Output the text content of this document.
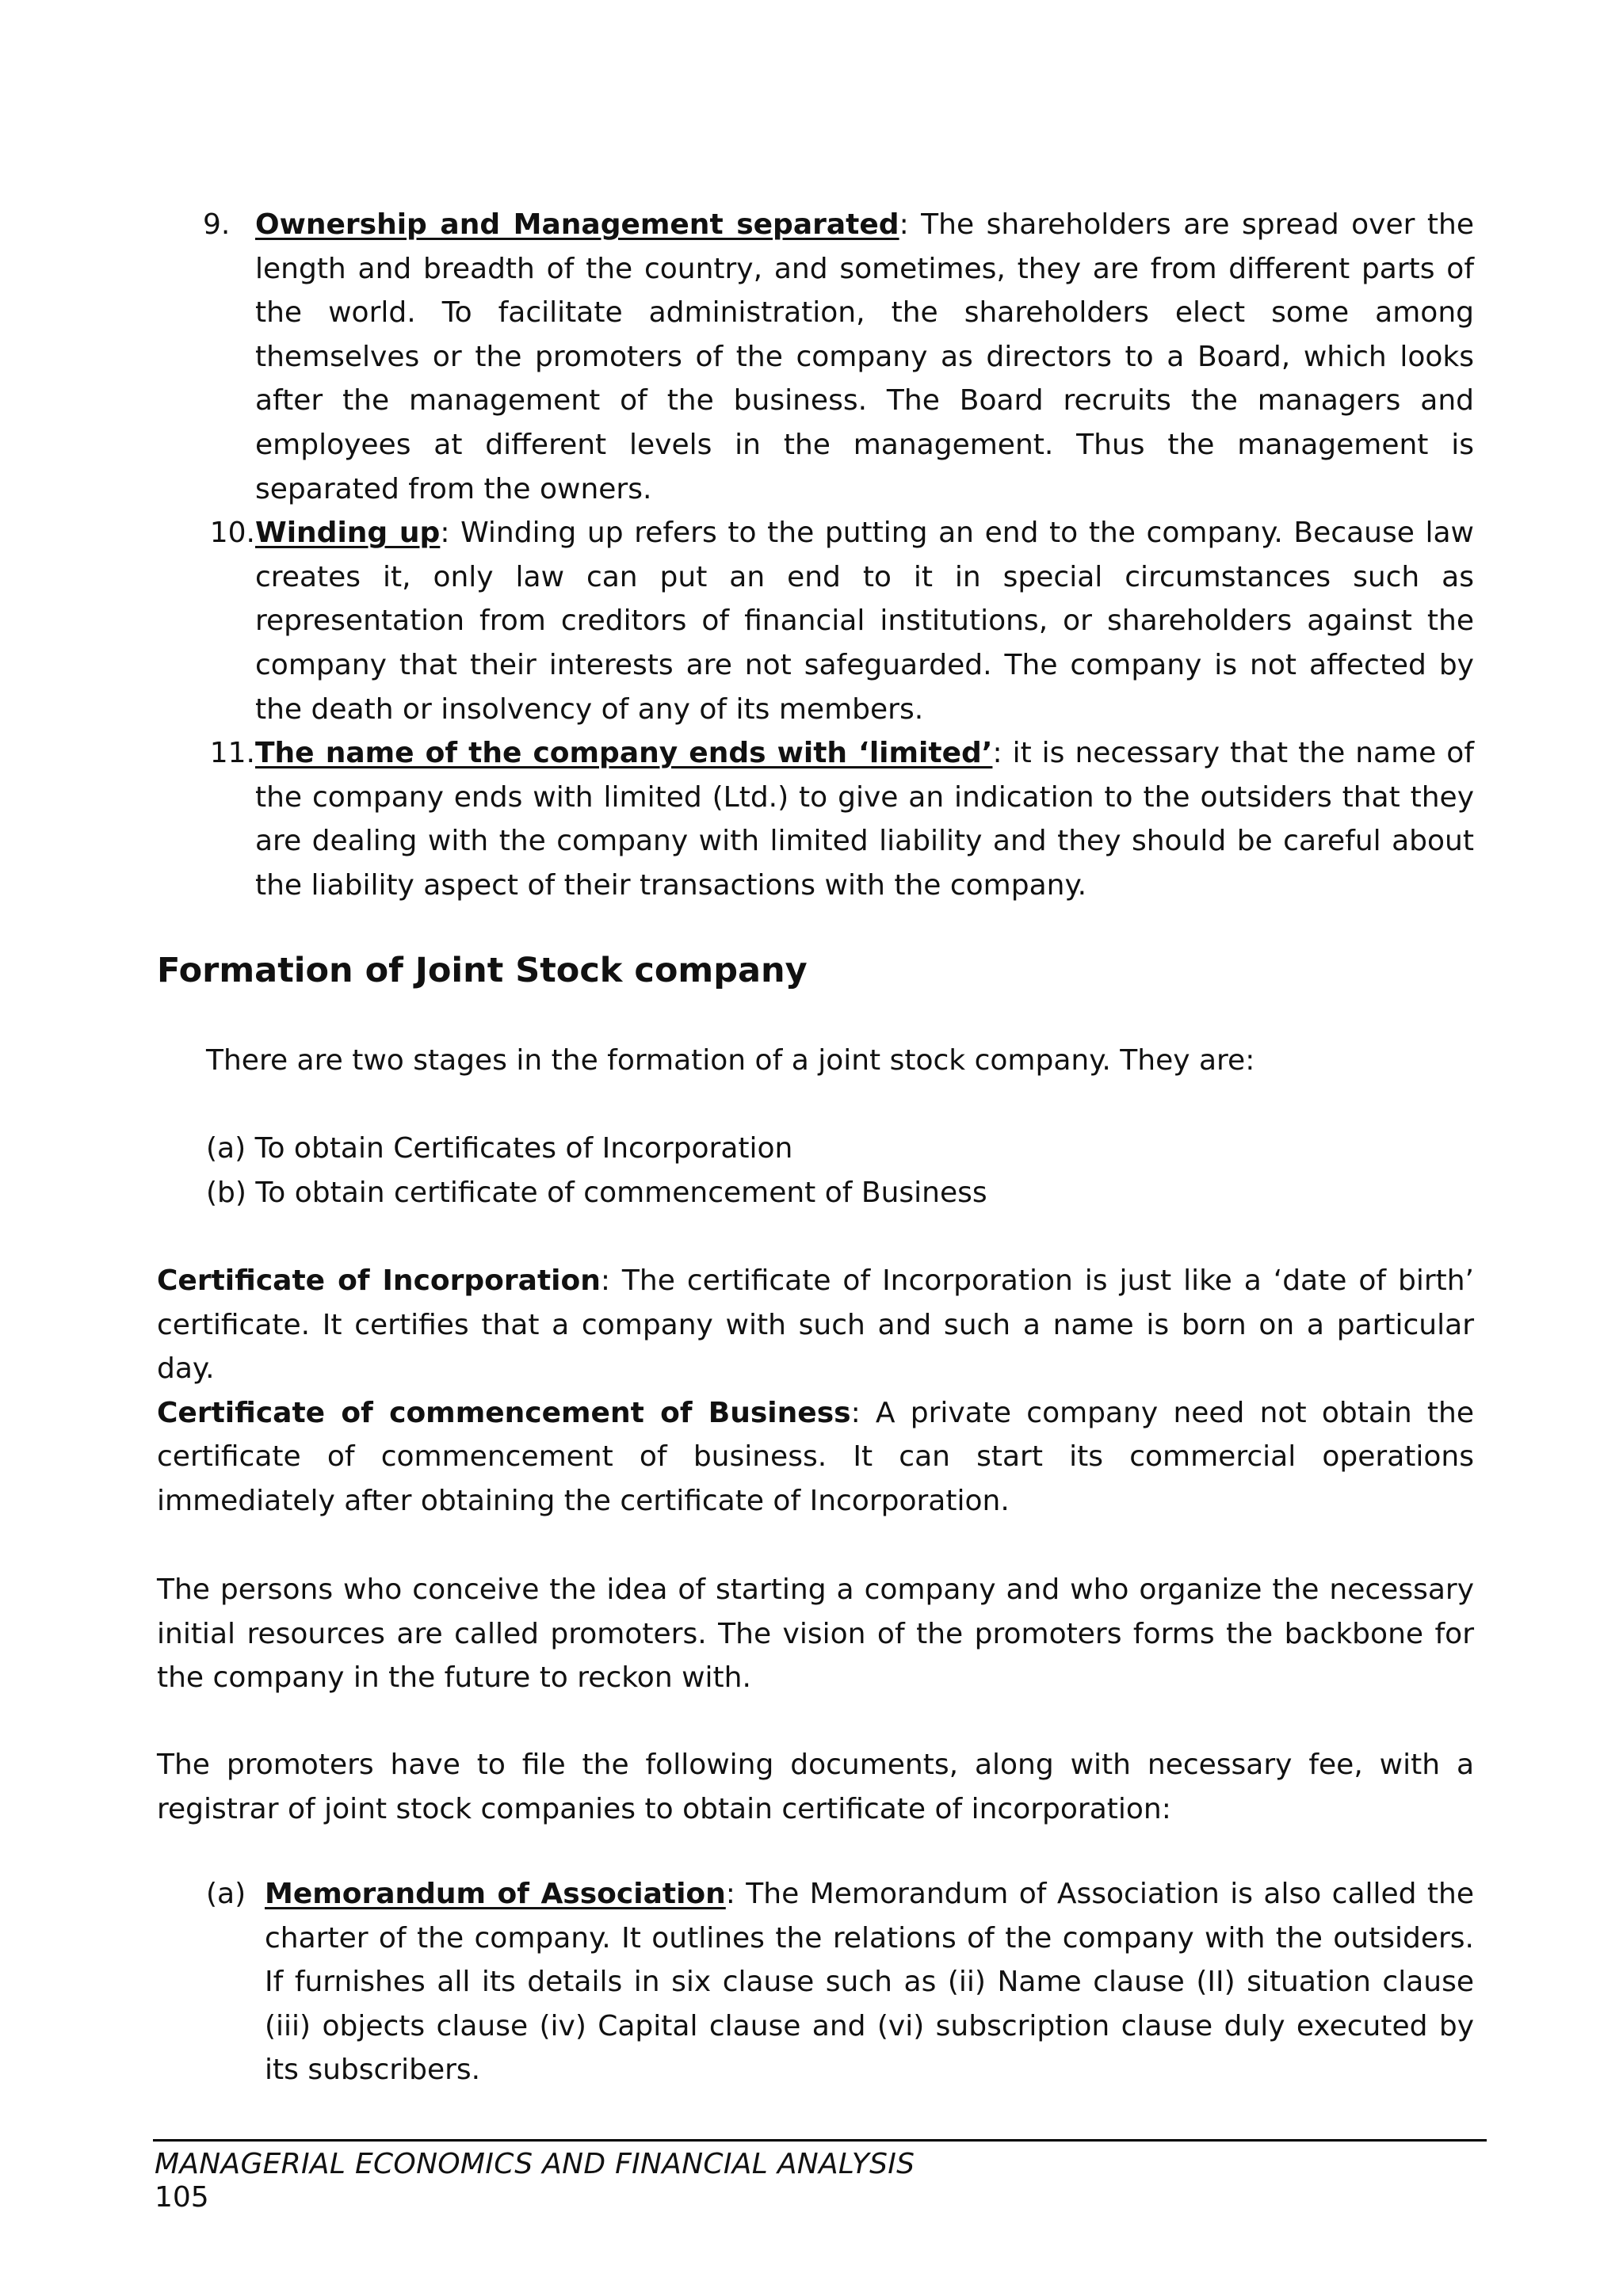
9. Ownership and Management separated: The shareholders are spread over the length and breadth of the country, and sometimes, they are from different parts of the world. To facilitate administration, the shareholders elect some among themselves or the promoters of the company as directors to a Board, which looks after the management of the business. The Board recruits the managers and employees at different levels in the management. Thus the management is separated from the owners.
10. Winding up: Winding up refers to the putting an end to the company. Because law creates it, only law can put an end to it in special circumstances such as representation from creditors of financial institutions, or shareholders against the company that their interests are not safeguarded. The company is not affected by the death or insolvency of any of its members.
11. The name of the company ends with ‘limited’: it is necessary that the name of the company ends with limited (Ltd.) to give an indication to the outsiders that they are dealing with the company with limited liability and they should be careful about the liability aspect of their transactions with the company.
Formation of Joint Stock company
There are two stages in the formation of a joint stock company. They are:
(a) To obtain Certificates of Incorporation
(b) To obtain certificate of commencement of Business
Certificate of Incorporation: The certificate of Incorporation is just like a ‘date of birth’ certificate. It certifies that a company with such and such a name is born on a particular day.
Certificate of commencement of Business: A private company need not obtain the certificate of commencement of business. It can start its commercial operations immediately after obtaining the certificate of Incorporation.
The persons who conceive the idea of starting a company and who organize the necessary initial resources are called promoters. The vision of the promoters forms the backbone for the company in the future to reckon with.
The promoters have to file the following documents, along with necessary fee, with a registrar of joint stock companies to obtain certificate of incorporation:
(a) Memorandum of Association: The Memorandum of Association is also called the charter of the company. It outlines the relations of the company with the outsiders. If furnishes all its details in six clause such as (ii) Name clause (II) situation clause (iii) objects clause (iv) Capital clause and (vi) subscription clause duly executed by its subscribers.
MANAGERIAL ECONOMICS AND FINANCIAL ANALYSIS
105
